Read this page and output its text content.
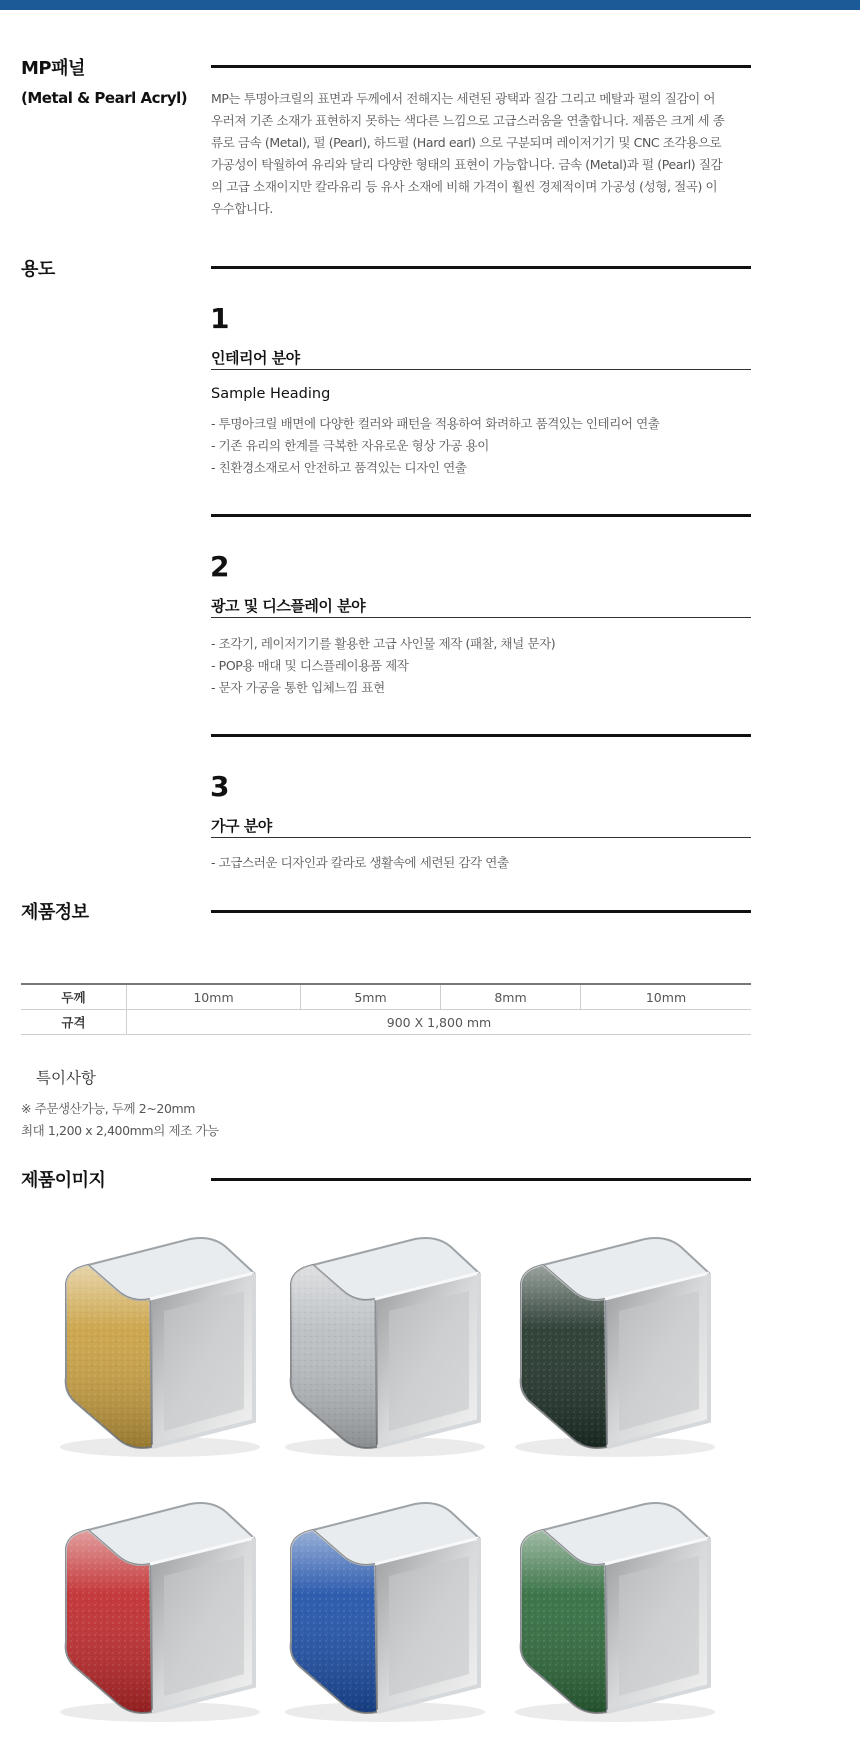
MP패널
(Metal & Pearl Acryl) MP는 투명아크릴의 표면과 두께에서 전해지는 세련된 광택과 질감 그리고 메탈과 펄의 질감이 어
우러져 기존 소재가 표현하지 못하는 색다른 느낌으로 고급스러움을 연출합니다. 제품은 크게 세 종
류로 금속 (Metal), 펄 (Pearl), 하드펄 (Hard earl) 으로 구분되며 레이저기기 및 CNC 조각용으로
가공성이 탁월하여 유리와 달리 다양한 형태의 표현이 가능합니다. 금속 (Metal)과 펄 (Pearl) 질감
의 고급 소재이지만 칼라유리 등 유사 소재에 비해 가격이 훨씬 경제적이며 가공성 (성형, 절곡) 이
우수합니다.
용도
1
인테리어 분야
Sample Heading
- 투명아크릴 배면에 다양한 컬러와 패턴을 적용하여 화려하고 품격있는 인테리어 연출
- 기존 유리의 한계를 극복한 자유로운 형상 가공 용이
- 친환경소재로서 안전하고 품격있는 디자인 연출
2
광고 및 디스플레이 분야
- 조각기, 레이저기기를 활용한 고급 사인물 제작 (패찰, 채널 문자)
- POP용 매대 및 디스플레이용품 제작
- 문자 가공을 통한 입체느낌 표현
3
가구 분야
- 고급스러운 디자인과 칼라로 생활속에 세련된 감각 연출
제품정보
두께	10mm	5mm	8mm	10mm
규격	900 X 1,800 mm			
특이사항
※ 주문생산가능, 두께 2~20mm
최대 1,200 x 2,400mm의 제조 가능
제품이미지
